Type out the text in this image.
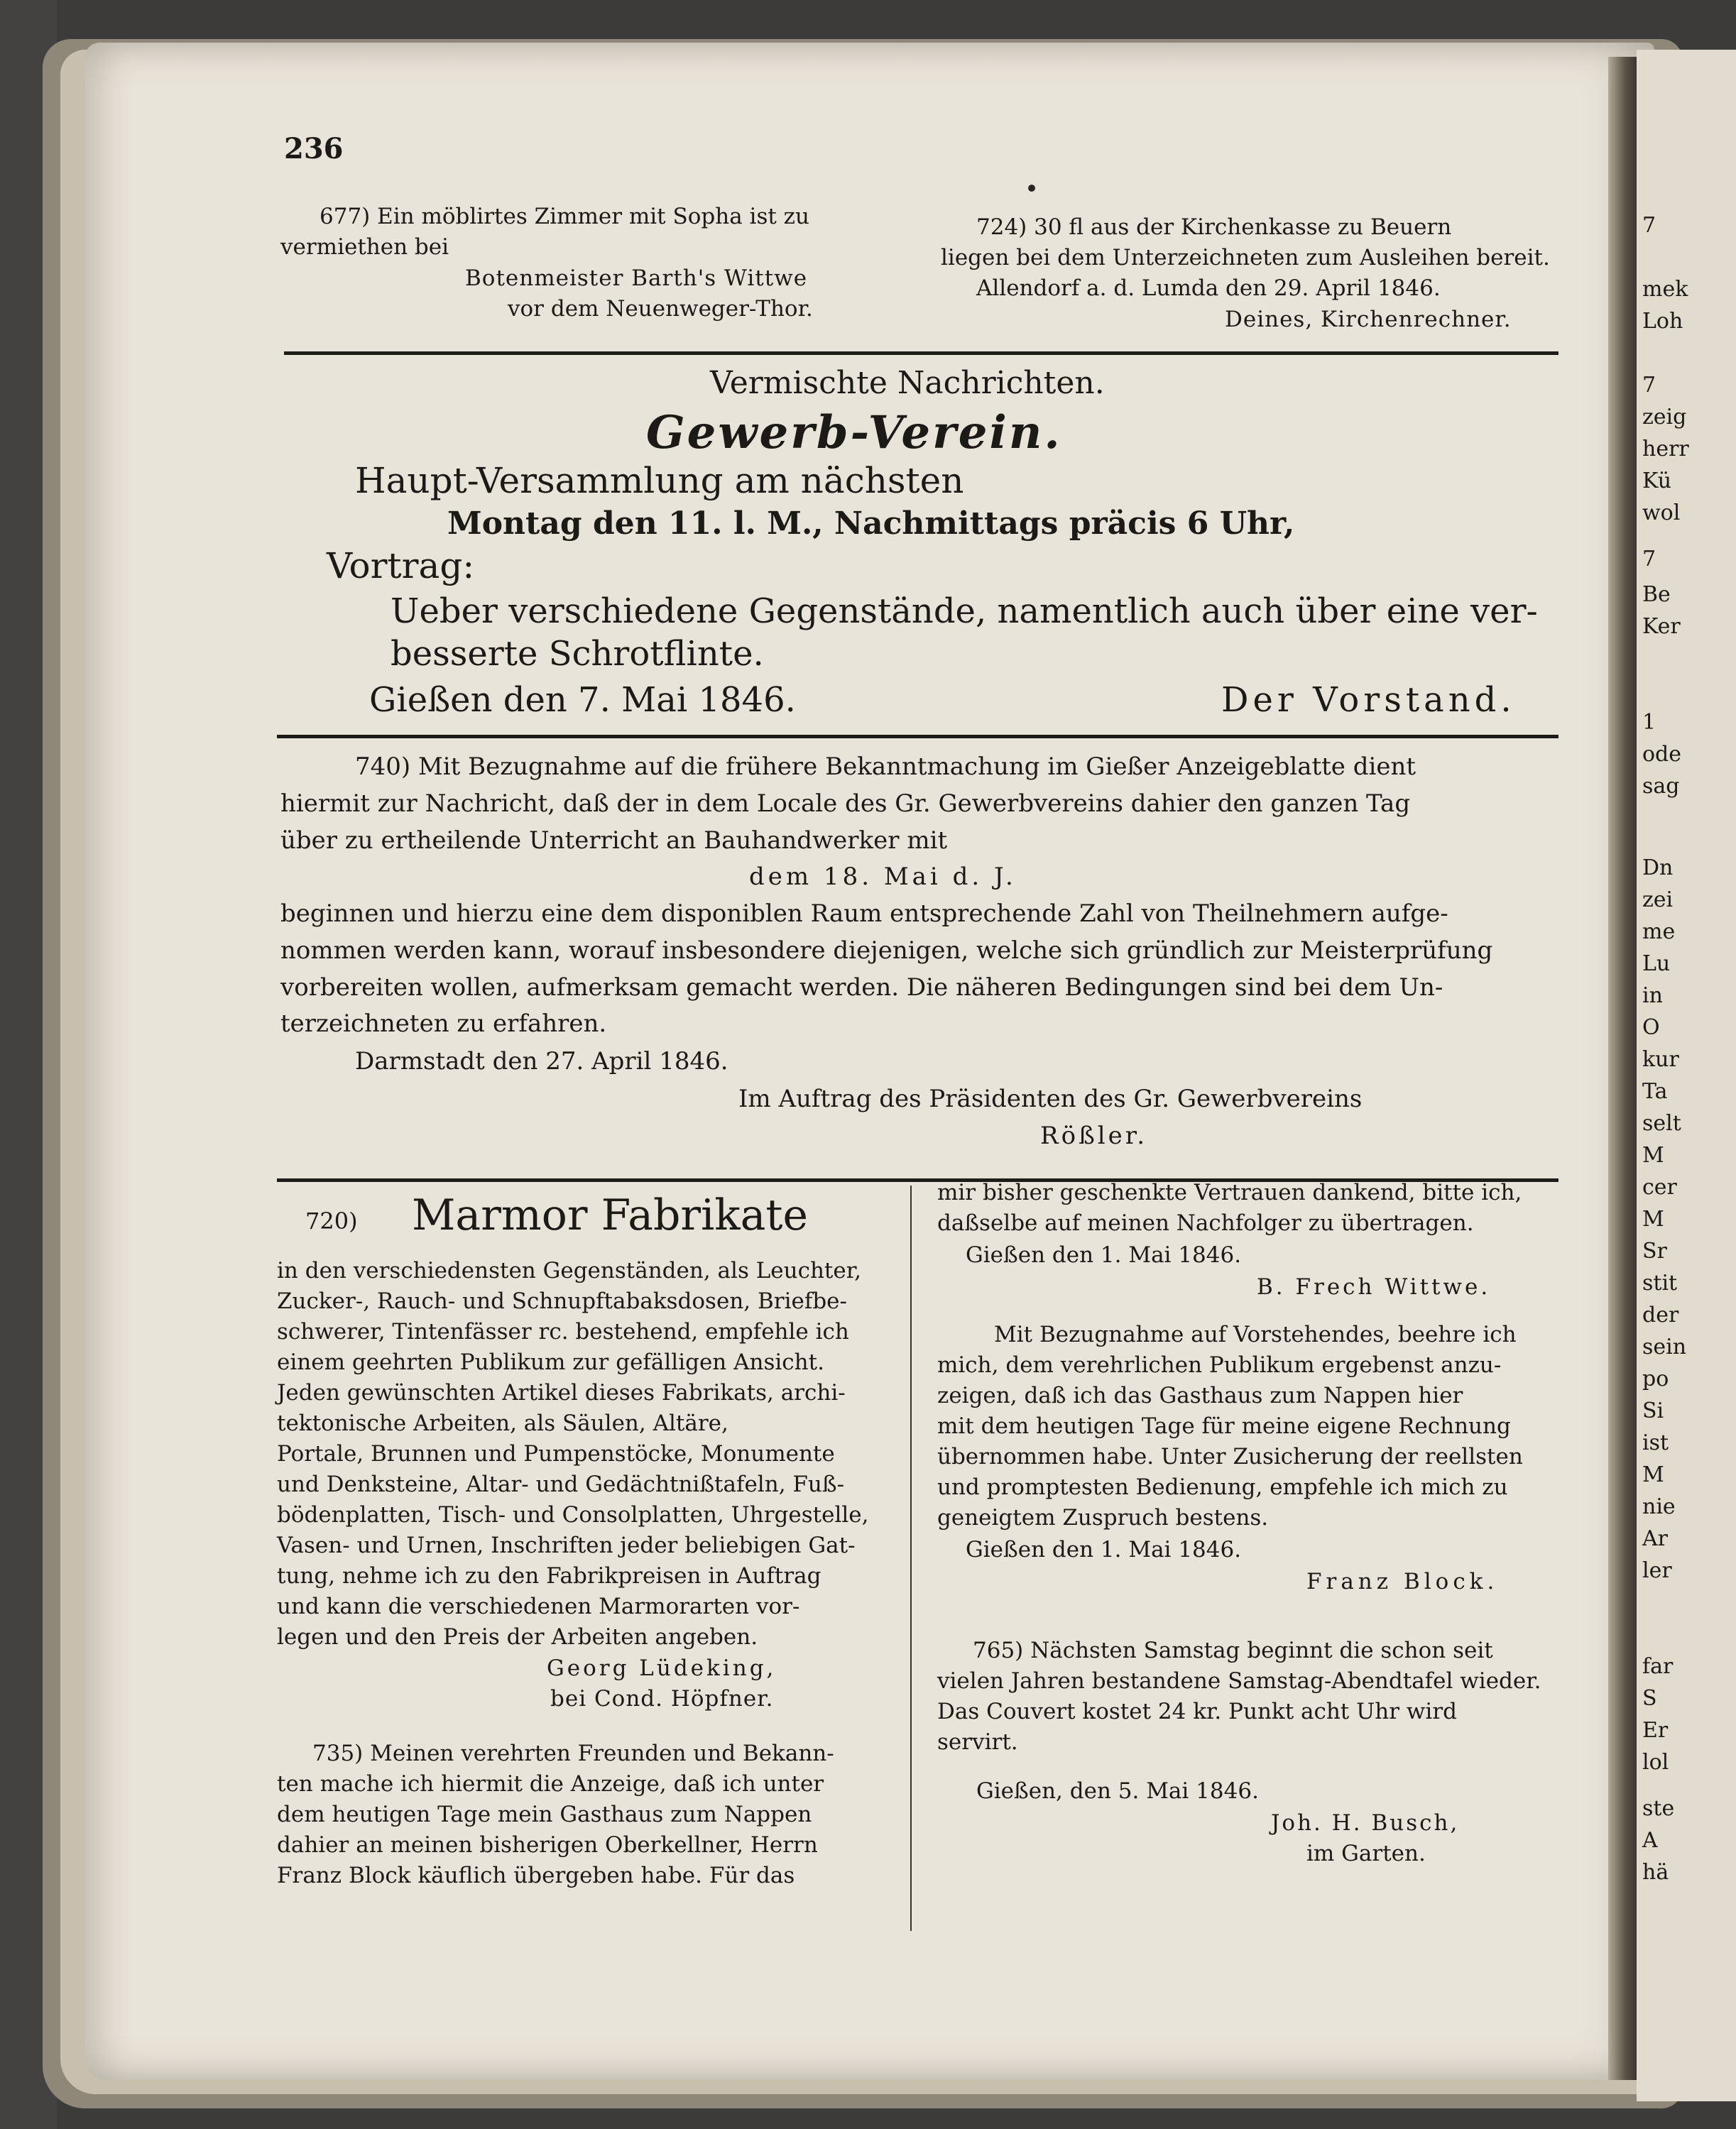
236
677) Ein möblirtes Zimmer mit Sopha ist zu
vermiethen bei
Botenmeister Barth's Wittwe
vor dem Neuenweger-Thor.
724) 30 fl aus der Kirchenkasse zu Beuern
liegen bei dem Unterzeichneten zum Ausleihen bereit.
Allendorf a. d. Lumda den 29. April 1846.
Deines, Kirchenrechner.
Vermischte Nachrichten.
Gewerb-Verein.
Haupt-Versammlung am nächsten
Montag den 11. l. M., Nachmittags präcis 6 Uhr,
Vortrag:
Ueber verschiedene Gegenstände, namentlich auch über eine ver-
besserte Schrotflinte.
Gießen den 7. Mai 1846.	Der Vorstand.
740) Mit Bezugnahme auf die frühere Bekanntmachung im Gießer Anzeigeblatte dient
hiermit zur Nachricht, daß der in dem Locale des Gr. Gewerbvereins dahier den ganzen Tag
über zu ertheilende Unterricht an Bauhandwerker mit
dem 18. Mai d. J.
beginnen und hierzu eine dem disponiblen Raum entsprechende Zahl von Theilnehmern aufge-
nommen werden kann, worauf insbesondere diejenigen, welche sich gründlich zur Meisterprüfung
vorbereiten wollen, aufmerksam gemacht werden. Die näheren Bedingungen sind bei dem Un-
terzeichneten zu erfahren.
Darmstadt den 27. April 1846.
Im Auftrag des Präsidenten des Gr. Gewerbvereins
Rößler.
720) Marmor Fabrikate
in den verschiedensten Gegenständen, als Leuchter,
Zucker-, Rauch- und Schnupftabaksdosen, Briefbe-
schwerer, Tintenfässer rc. bestehend, empfehle ich
einem geehrten Publikum zur gefälligen Ansicht.
Jeden gewünschten Artikel dieses Fabrikats, archi-
tektonische Arbeiten, als Säulen, Altäre,
Portale, Brunnen und Pumpenstöcke, Monumente
und Denksteine, Altar- und Gedächtnißtafeln, Fuß-
bödenplatten, Tisch- und Consolplatten, Uhrgestelle,
Vasen- und Urnen, Inschriften jeder beliebigen Gat-
tung, nehme ich zu den Fabrikpreisen in Auftrag
und kann die verschiedenen Marmorarten vor-
legen und den Preis der Arbeiten angeben.
Georg Lüdeking,
bei Cond. Höpfner.
735) Meinen verehrten Freunden und Bekann-
ten mache ich hiermit die Anzeige, daß ich unter
dem heutigen Tage mein Gasthaus zum Nappen
dahier an meinen bisherigen Oberkellner, Herrn
Franz Block käuflich übergeben habe. Für das
mir bisher geschenkte Vertrauen dankend, bitte ich,
daßselbe auf meinen Nachfolger zu übertragen.
Gießen den 1. Mai 1846.
B. Frech Wittwe.
Mit Bezugnahme auf Vorstehendes, beehre ich
mich, dem verehrlichen Publikum ergebenst anzu-
zeigen, daß ich das Gasthaus zum Nappen hier
mit dem heutigen Tage für meine eigene Rechnung
übernommen habe. Unter Zusicherung der reellsten
und promptesten Bedienung, empfehle ich mich zu
geneigtem Zuspruch bestens.
Gießen den 1. Mai 1846.
Franz Block.
765) Nächsten Samstag beginnt die schon seit
vielen Jahren bestandene Samstag-Abendtafel wieder.
Das Couvert kostet 24 kr. Punkt acht Uhr wird
servirt.
Gießen, den 5. Mai 1846.
Joh. H. Busch,
im Garten.
7
mek
Loh
7
zeig
herr
Kü
wol
7
Be
Ker
1
ode
sag
Dn
zei
me
Lu
in
O
kur
Ta
selt
M
cer
M
Sr
stit
der
sein
po
Si
ist
M
nie
Ar
ler
far
S
Er
lol
ste
A
hä
